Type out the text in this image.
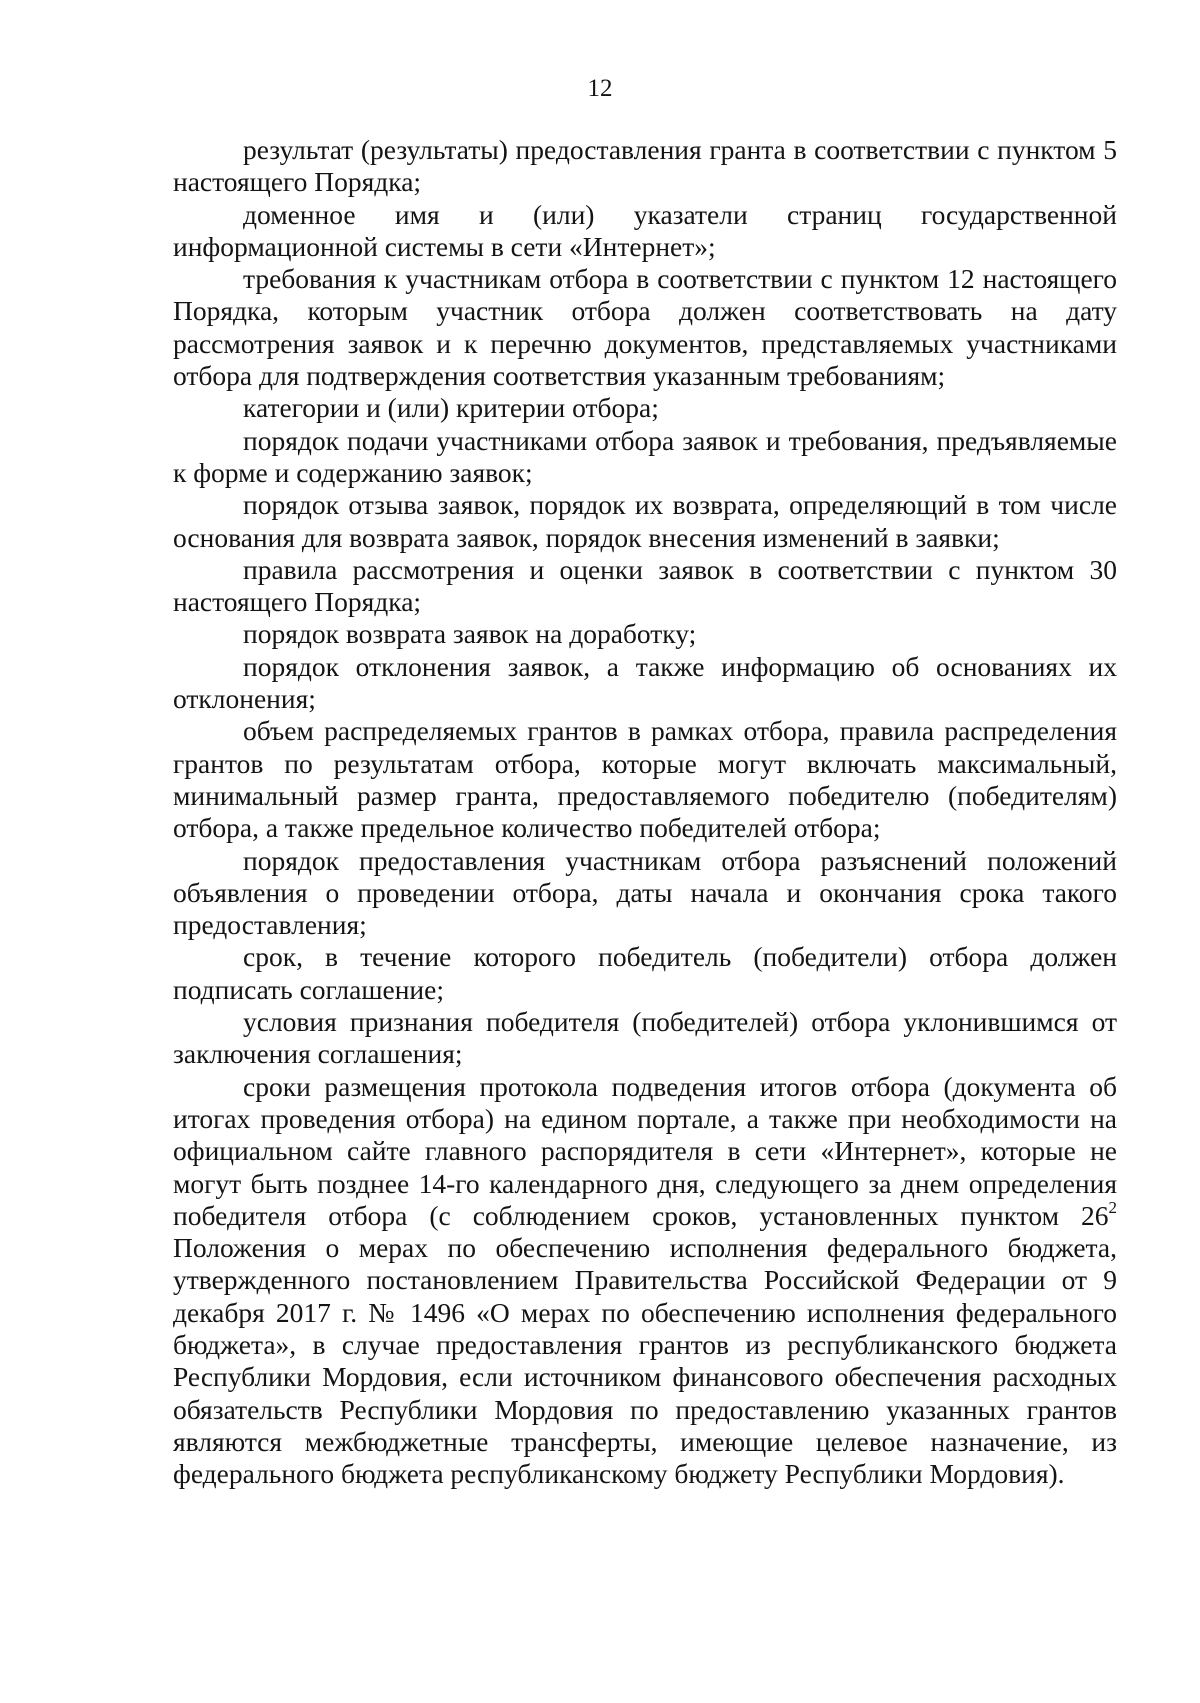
12

результат (результаты) предоставления гранта в соответствии с пунктом 5 настоящего Порядка;

доменное имя и (или) указатели страниц государственной информационной системы в сети «Интернет»;

требования к участникам отбора в соответствии с пунктом 12 настоящего Порядка, которым участник отбора должен соответствовать на дату рассмотрения заявок и к перечню документов, представляемых участниками отбора для подтверждения соответствия указанным требованиям;

категории и (или) критерии отбора;

порядок подачи участниками отбора заявок и требования, предъявляемые к форме и содержанию заявок;

порядок отзыва заявок, порядок их возврата, определяющий в том числе основания для возврата заявок, порядок внесения изменений в заявки;

правила рассмотрения и оценки заявок в соответствии с пунктом 30 настоящего Порядка;

порядок возврата заявок на доработку;

порядок отклонения заявок, а также информацию об основаниях их отклонения;

объем распределяемых грантов в рамках отбора, правила распределения грантов по результатам отбора, которые могут включать максимальный, минимальный размер гранта, предоставляемого победителю (победителям) отбора, а также предельное количество победителей отбора;

порядок предоставления участникам отбора разъяснений положений объявления о проведении отбора, даты начала и окончания срока такого предоставления;

срок, в течение которого победитель (победители) отбора должен подписать соглашение;

условия признания победителя (победителей) отбора уклонившимся от заключения соглашения;

сроки размещения протокола подведения итогов отбора (документа об итогах проведения отбора) на едином портале, а также при необходимости на официальном сайте главного распорядителя в сети «Интернет», которые не могут быть позднее 14-го календарного дня, следующего за днем определения победителя отбора (с соблюдением сроков, установленных пунктом $26^2$ Положения о мерах по обеспечению исполнения федерального бюджета, утвержденного постановлением Правительства Российской Федерации от 9 декабря 2017 г. № 1496 «О мерах по обеспечению исполнения федерального бюджета», в случае предоставления грантов из республиканского бюджета Республики Мордовия, если источником финансового обеспечения расходных обязательств Республики Мордовия по предоставлению указанных грантов являются межбюджетные трансферты, имеющие целевое назначение, из федерального бюджета республиканскому бюджету Республики Мордовия).
